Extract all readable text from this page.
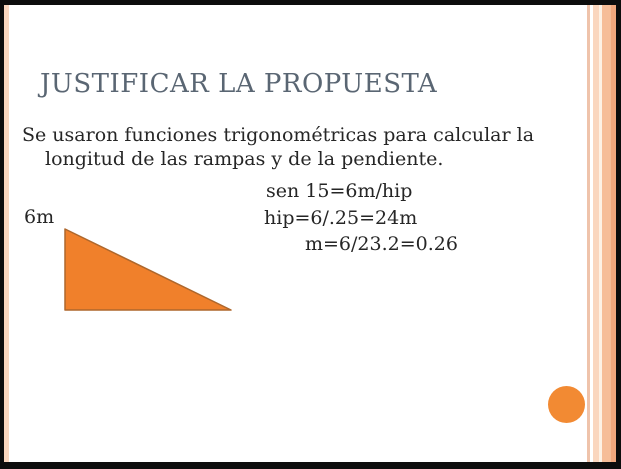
JUSTIFICAR LA PROPUESTA
Se usaron funciones trigonométricas para calcular la
longitud de las rampas y de la pendiente.
sen 15=6m/hip
hip=6/.25=24m
m=6/23.2=0.26
6m
